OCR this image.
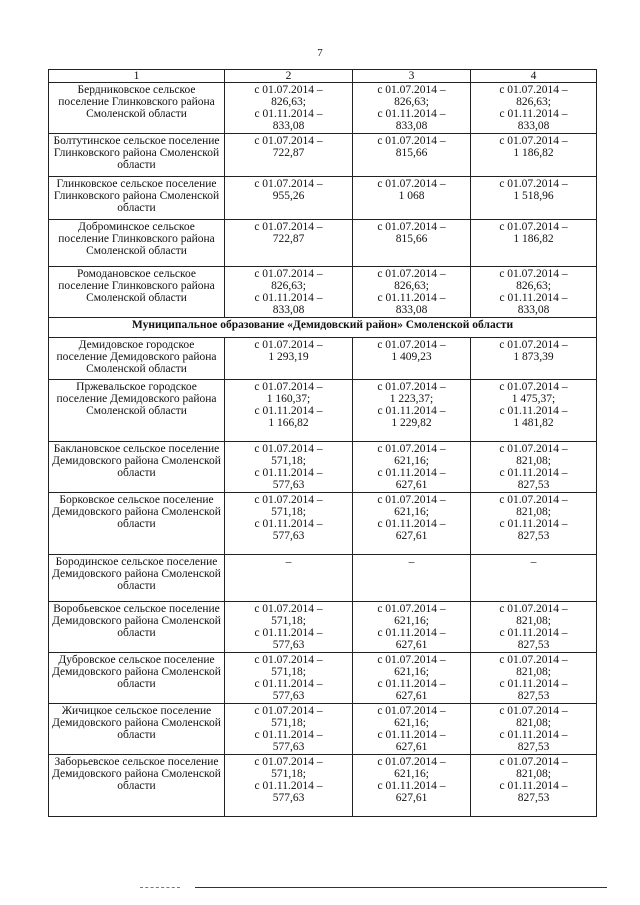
7
1	2	3	4
Бердниковское сельское поселение Глинковского района Смоленской области	с 01.07.2014 –
826,63;
с 01.11.2014 –
833,08	с 01.07.2014 –
826,63;
с 01.11.2014 –
833,08	с 01.07.2014 –
826,63;
с 01.11.2014 –
833,08

Болтутинское сельское поселение Глинковского района Смоленской области	с 01.07.2014 –
722,87	с 01.07.2014 –
815,66	с 01.07.2014 –
1 186,82

Глинковское сельское поселение Глинковского района Смоленской области	с 01.07.2014 –
955,26	с 01.07.2014 –
1 068	с 01.07.2014 –
1 518,96

Доброминское сельское поселение Глинковского района Смоленской области	с 01.07.2014 –
722,87	с 01.07.2014 –
815,66	с 01.07.2014 –
1 186,82

Ромодановское сельское поселение Глинковского района Смоленской области	с 01.07.2014 –
826,63;
с 01.11.2014 –
833,08	с 01.07.2014 –
826,63;
с 01.11.2014 –
833,08	с 01.07.2014 –
826,63;
с 01.11.2014 –
833,08

Муниципальное образование «Демидовский район» Смоленской области			
Демидовское городское поселение Демидовского района Смоленской области	с 01.07.2014 –
1 293,19	с 01.07.2014 –
1 409,23	с 01.07.2014 –
1 873,39

Пржевальское городское поселение Демидовского района Смоленской области	с 01.07.2014 –
1 160,37;
с 01.11.2014 –
1 166,82	с 01.07.2014 –
1 223,37;
с 01.11.2014 –
1 229,82	с 01.07.2014 –
1 475,37;
с 01.11.2014 –
1 481,82

Баклановское сельское поселение Демидовского района Смоленской области	с 01.07.2014 –
571,18;
с 01.11.2014 –
577,63	с 01.07.2014 –
621,16;
с 01.11.2014 –
627,61	с 01.07.2014 –
821,08;
с 01.11.2014 –
827,53

Борковское сельское поселение Демидовского района Смоленской области	с 01.07.2014 –
571,18;
с 01.11.2014 –
577,63	с 01.07.2014 –
621,16;
с 01.11.2014 –
627,61	с 01.07.2014 –
821,08;
с 01.11.2014 –
827,53

Бородинское сельское поселение Демидовского района Смоленской области	–	–	–

Воробьевское сельское поселение Демидовского района Смоленской области	с 01.07.2014 –
571,18;
с 01.11.2014 –
577,63	с 01.07.2014 –
621,16;
с 01.11.2014 –
627,61	с 01.07.2014 –
821,08;
с 01.11.2014 –
827,53

Дубровское сельское поселение Демидовского района Смоленской области	с 01.07.2014 –
571,18;
с 01.11.2014 –
577,63	с 01.07.2014 –
621,16;
с 01.11.2014 –
627,61	с 01.07.2014 –
821,08;
с 01.11.2014 –
827,53

Жичицкое сельское поселение Демидовского района Смоленской области	с 01.07.2014 –
571,18;
с 01.11.2014 –
577,63	с 01.07.2014 –
621,16;
с 01.11.2014 –
627,61	с 01.07.2014 –
821,08;
с 01.11.2014 –
827,53

Заборьевское сельское поселение Демидовского района Смоленской области	с 01.07.2014 –
571,18;
с 01.11.2014 –
577,63	с 01.07.2014 –
621,16;
с 01.11.2014 –
627,61	с 01.07.2014 –
821,08;
с 01.11.2014 –
827,53
